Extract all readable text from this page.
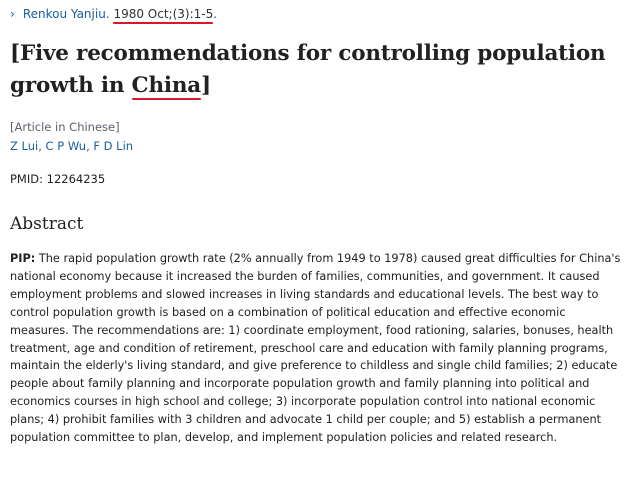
› Renkou Yanjiu. 1980 Oct;(3):1-5
.
[Five recommendations for controlling population growth in China
]
[Article in Chinese]
Z Lui, C P Wu, F D Lin
PMID: 12264235
Abstract

PIP: The rapid population growth rate (2% annually from 1949 to 1978) caused great difficulties for China's national economy because it increased the burden of families, communities, and government. It caused employment problems and slowed increases in living standards and educational levels. The best way to control population growth is based on a combination of political education and effective economic measures. The recommendations are: 1) coordinate employment, food rationing, salaries, bonuses, health treatment, age and condition of retirement, preschool care and education with family planning programs, maintain the elderly's living standard, and give preference to childless and single child families; 2) educate people about family planning and incorporate population growth and family planning into political and economics courses in high school and college; 3) incorporate population control into national economic plans; 4) prohibit families with 3 children and advocate 1 child per couple; and 5) establish a permanent population committee to plan, develop, and implement population policies and related research.
